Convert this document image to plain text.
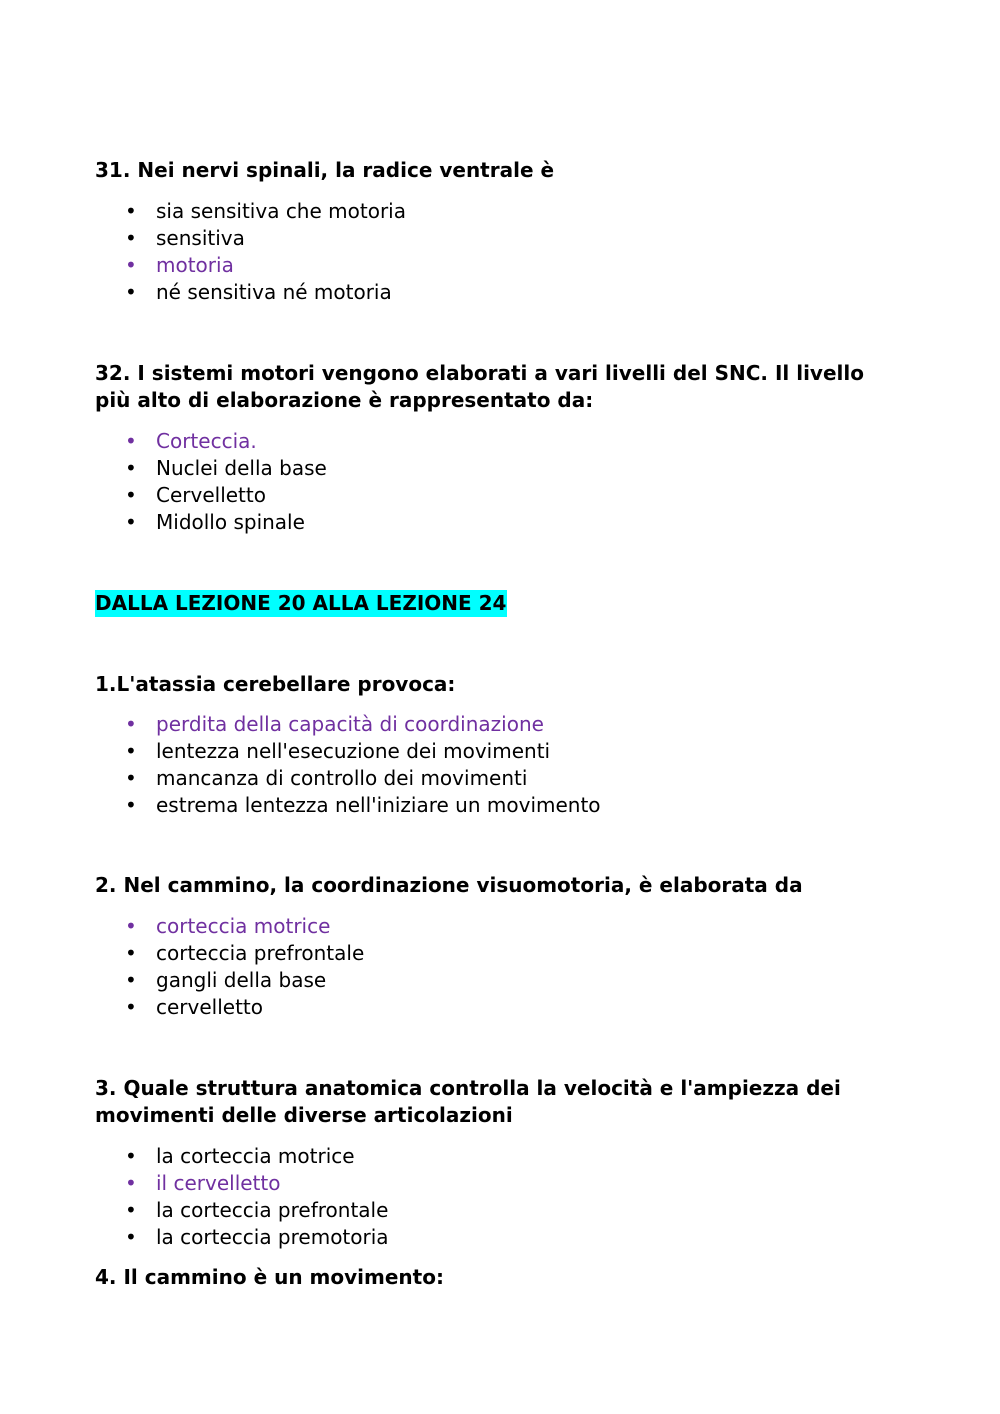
31. Nei nervi spinali, la radice ventrale è
• sia sensitiva che motoria
• sensitiva
• motoria
• né sensitiva né motoria
32. I sistemi motori vengono elaborati a vari livelli del SNC. Il livello più alto di elaborazione è rappresentato da:
• Corteccia.
• Nuclei della base
• Cervelletto
• Midollo spinale
DALLA LEZIONE 20 ALLA LEZIONE 24
1.L'atassia cerebellare provoca:
• perdita della capacità di coordinazione
• lentezza nell'esecuzione dei movimenti
• mancanza di controllo dei movimenti
• estrema lentezza nell'iniziare un movimento
2. Nel cammino, la coordinazione visuomotoria, è elaborata da
• corteccia motrice
• corteccia prefrontale
• gangli della base
• cervelletto
3. Quale struttura anatomica controlla la velocità e l'ampiezza dei movimenti delle diverse articolazioni
• la corteccia motrice
• il cervelletto
• la corteccia prefrontale
• la corteccia premotoria
4. Il cammino è un movimento:
